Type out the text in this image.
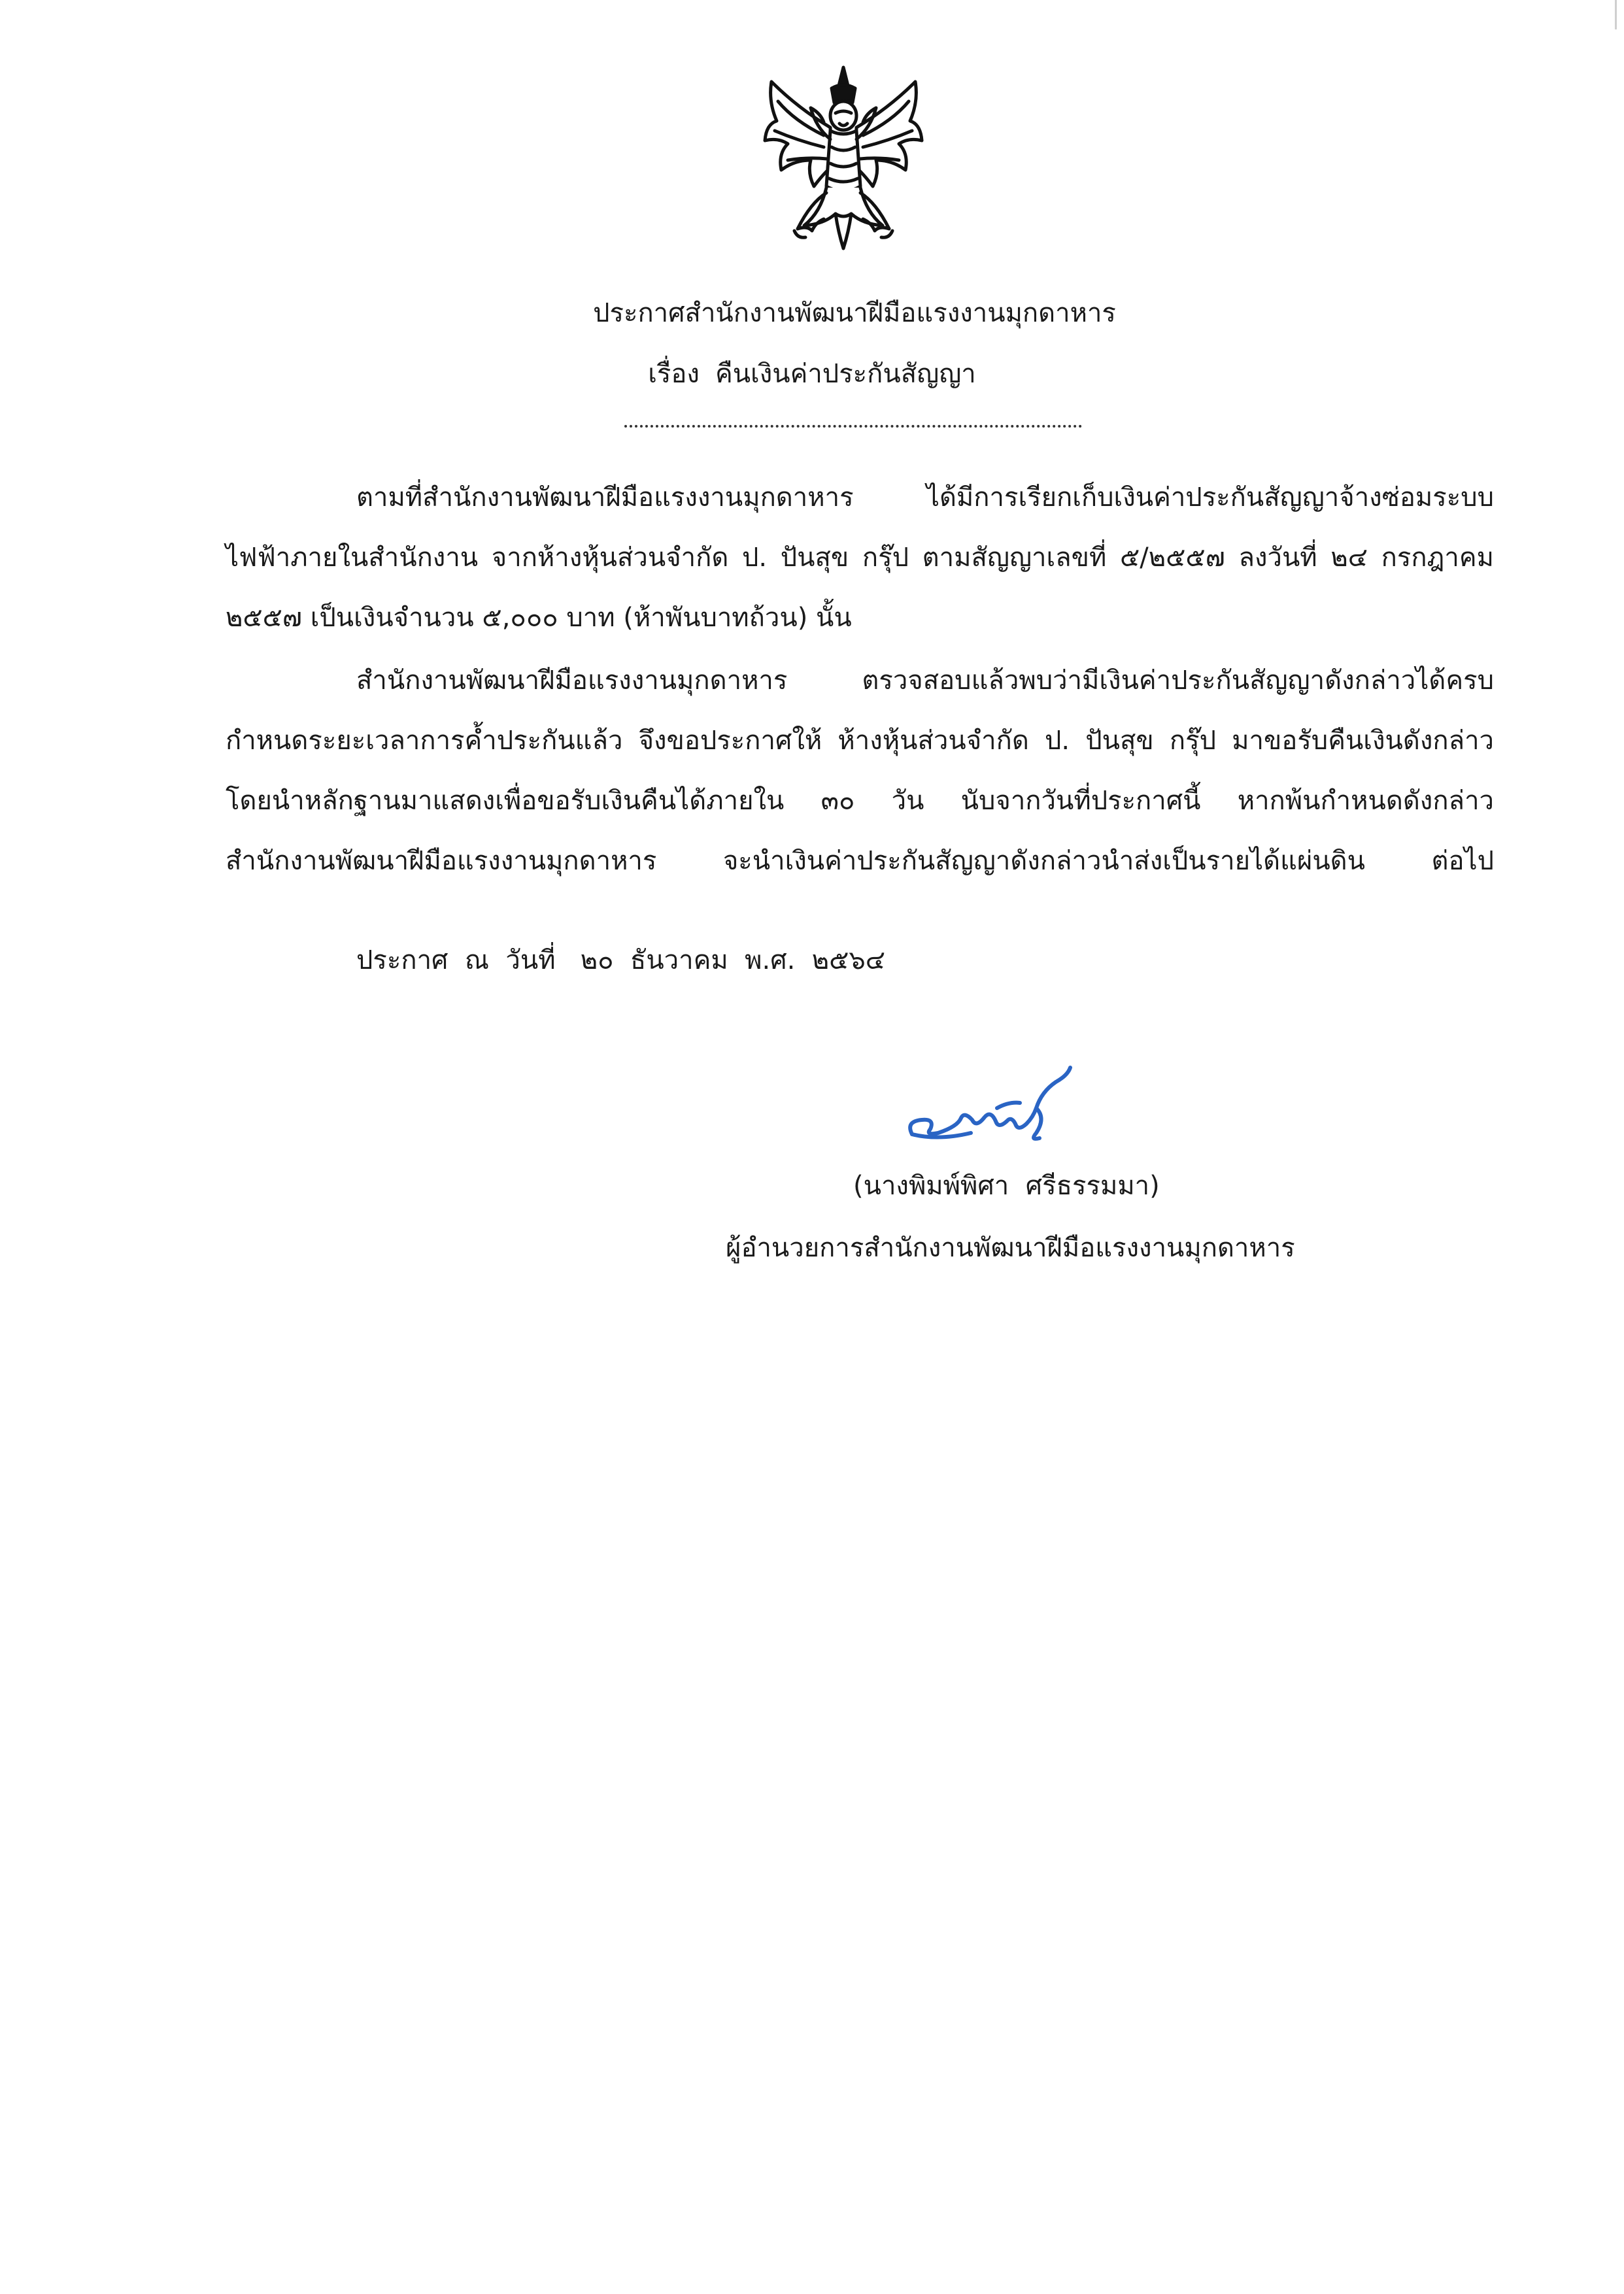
ประกาศสำนักงานพัฒนาฝีมือแรงงานมุกดาหาร
เรื่อง คืนเงินค่าประกันสัญญา
ตามที่สำนักงานพัฒนาฝีมือแรงงานมุกดาหาร ได้มีการเรียกเก็บเงินค่าประกันสัญญาจ้างซ่อมระบบ
ไฟฟ้าภายในสำนักงาน จากห้างหุ้นส่วนจำกัด ป. ปันสุข กรุ๊ป ตามสัญญาเลขที่ ๕/๒๕๕๗ ลงวันที่ ๒๔ กรกฎาคม
๒๕๕๗ เป็นเงินจำนวน ๕,๐๐๐ บาท (ห้าพันบาทถ้วน) นั้น
สำนักงานพัฒนาฝีมือแรงงานมุกดาหาร ตรวจสอบแล้วพบว่ามีเงินค่าประกันสัญญาดังกล่าวได้ครบ
กำหนดระยะเวลาการค้ำประกันแล้ว จึงขอประกาศให้ ห้างหุ้นส่วนจำกัด ป. ปันสุข กรุ๊ป มาขอรับคืนเงินดังกล่าว
โดยนำหลักฐานมาแสดงเพื่อขอรับเงินคืนได้ภายใน ๓๐ วัน นับจากวันที่ประกาศนี้ หากพ้นกำหนดดังกล่าว
สำนักงานพัฒนาฝีมือแรงงานมุกดาหาร จะนำเงินค่าประกันสัญญาดังกล่าวนำส่งเป็นรายได้แผ่นดิน ต่อไป
ประกาศ  ณ  วันที่   ๒๐  ธันวาคม  พ.ศ.  ๒๕๖๔
(นางพิมพ์พิศา  ศรีธรรมมา)
ผู้อำนวยการสำนักงานพัฒนาฝีมือแรงงานมุกดาหาร
